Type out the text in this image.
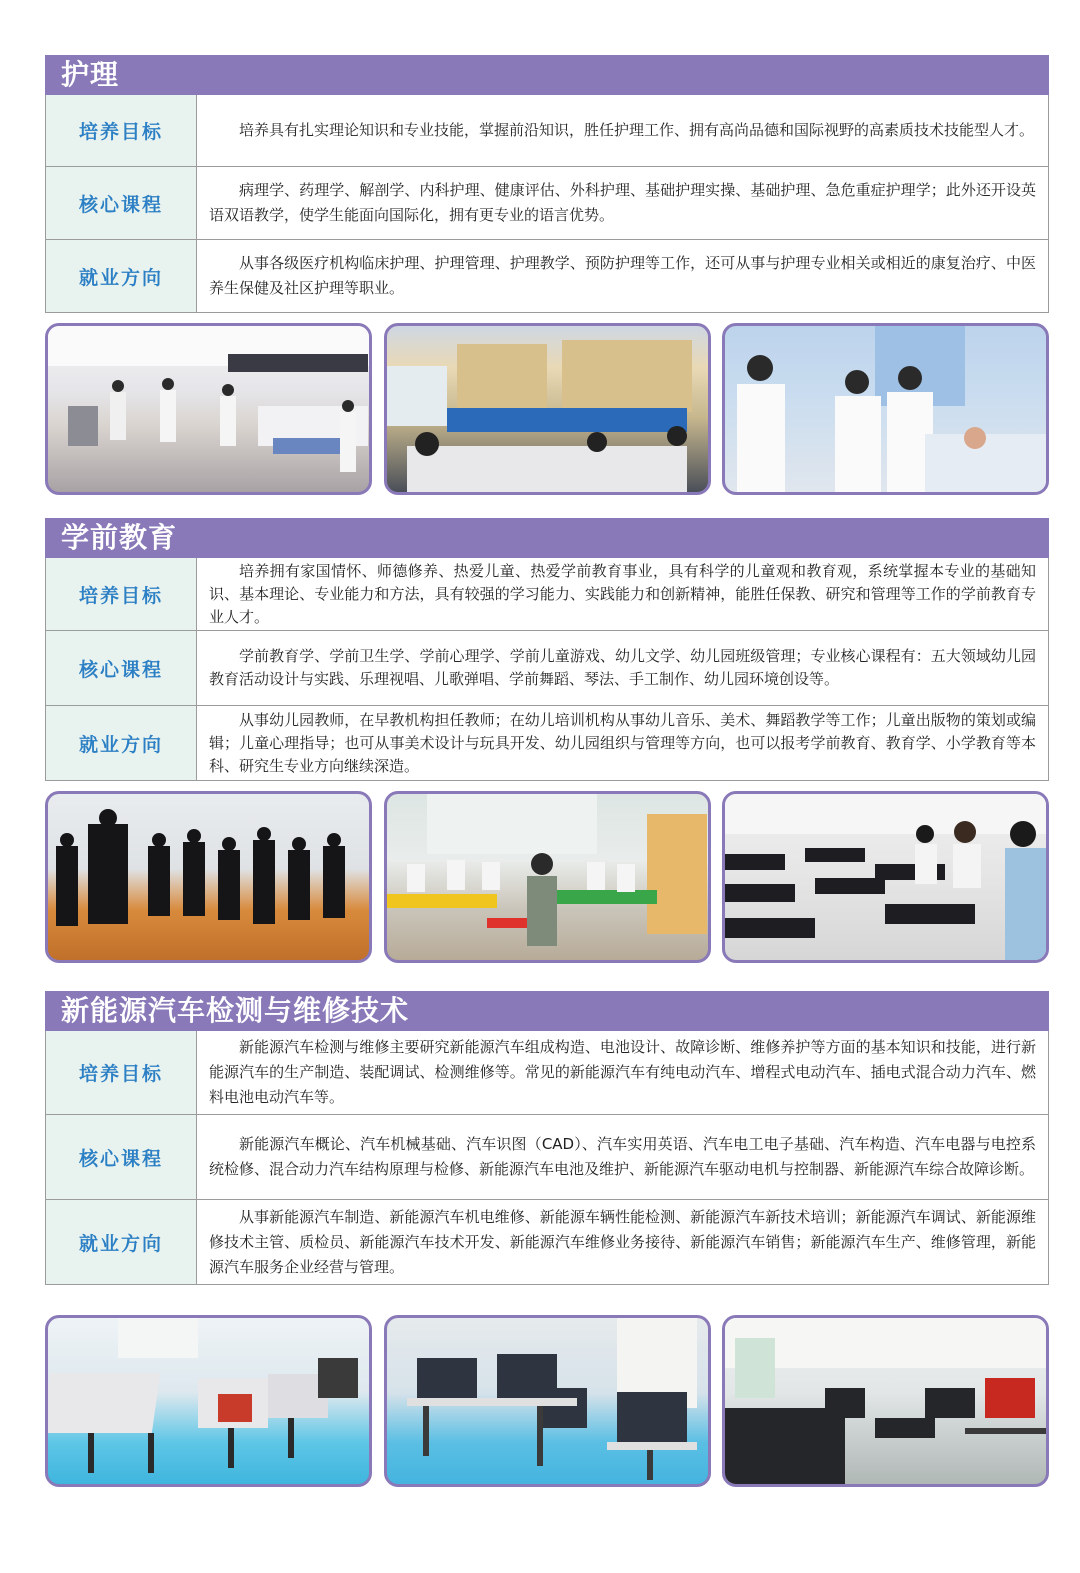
护理
培养目标	培养具有扎实理论知识和专业技能，掌握前沿知识，胜任护理工作、拥有高尚品德和国际视野的高素质技术技能型人才。
核心课程
病理学、药理学、解剖学、内科护理、健康评估、外科护理、基础护理实操、基础护理、急危重症护理学；此外还开设英语双语教学，使学生能面向国际化，拥有更专业的语言优势。
就业方向
从事各级医疗机构临床护理、护理管理、护理教学、预防护理等工作，还可从事与护理专业相关或相近的康复治疗、中医养生保健及社区护理等职业。
学前教育
培养目标
培养拥有家国情怀、师德修养、热爱儿童、热爱学前教育事业，具有科学的儿童观和教育观，系统掌握本专业的基础知识、基本理论、专业能力和方法，具有较强的学习能力、实践能力和创新精神，能胜任保教、研究和管理等工作的学前教育专业人才。
核心课程
学前教育学、学前卫生学、学前心理学、学前儿童游戏、幼儿文学、幼儿园班级管理；专业核心课程有：五大领域幼儿园教育活动设计与实践、乐理视唱、儿歌弹唱、学前舞蹈、琴法、手工制作、幼儿园环境创设等。
就业方向
从事幼儿园教师，在早教机构担任教师；在幼儿培训机构从事幼儿音乐、美术、舞蹈教学等工作；儿童出版物的策划或编辑；儿童心理指导；也可从事美术设计与玩具开发、幼儿园组织与管理等方向，也可以报考学前教育、教育学、小学教育等本科、研究生专业方向继续深造。
新能源汽车检测与维修技术
培养目标
新能源汽车检测与维修主要研究新能源汽车组成构造、电池设计、故障诊断、维修养护等方面的基本知识和技能，进行新能源汽车的生产制造、装配调试、检测维修等。常见的新能源汽车有纯电动汽车、增程式电动汽车、插电式混合动力汽车、燃料电池电动汽车等。
核心课程
新能源汽车概论、汽车机械基础、汽车识图（CAD）、汽车实用英语、汽车电工电子基础、汽车构造、汽车电器与电控系统检修、混合动力汽车结构原理与检修、新能源汽车电池及维护、新能源汽车驱动电机与控制器、新能源汽车综合故障诊断。
就业方向
从事新能源汽车制造、新能源汽车机电维修、新能源车辆性能检测、新能源汽车新技术培训；新能源汽车调试、新能源维修技术主管、质检员、新能源汽车技术开发、新能源汽车维修业务接待、新能源汽车销售；新能源汽车生产、维修管理，新能源汽车服务企业经营与管理。
